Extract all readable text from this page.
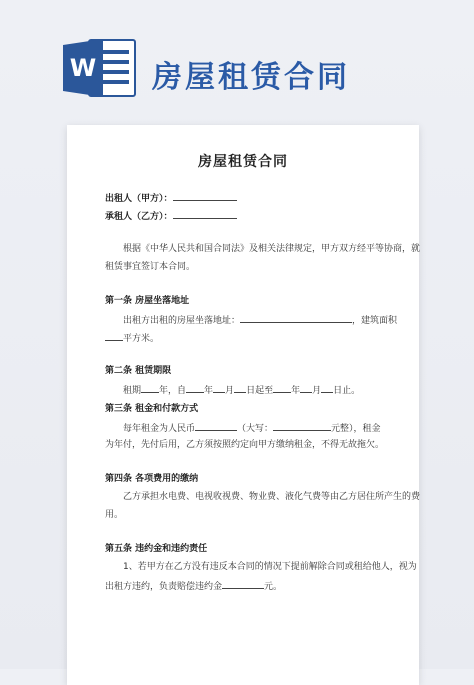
W 房屋租赁合同
房屋租赁合同
出租人（甲方）：
承租人（乙方）：
根据《中华人民共和国合同法》及相关法律规定，甲方双方经平等协商，就
租赁事宜签订本合同。
第一条 房屋坐落地址
出租方出租的房屋坐落地址：	，建筑面积
平方米。
第二条 租赁期限
租期 年，自 年 月 日起至 年 月 日止。
第三条 租金和付款方式
每年租金为人民币	（大写：	元整），租金
为年付，先付后用，乙方须按照约定向甲方缴纳租金，不得无故拖欠。
第四条 各项费用的缴纳
乙方承担水电费、电视收视费、物业费、液化气费等由乙方居住所产生的费
用。
第五条 违约金和违约责任
1、若甲方在乙方没有违反本合同的情况下提前解除合同或租给他人，视为
出租方违约，负责赔偿违约金	元。
